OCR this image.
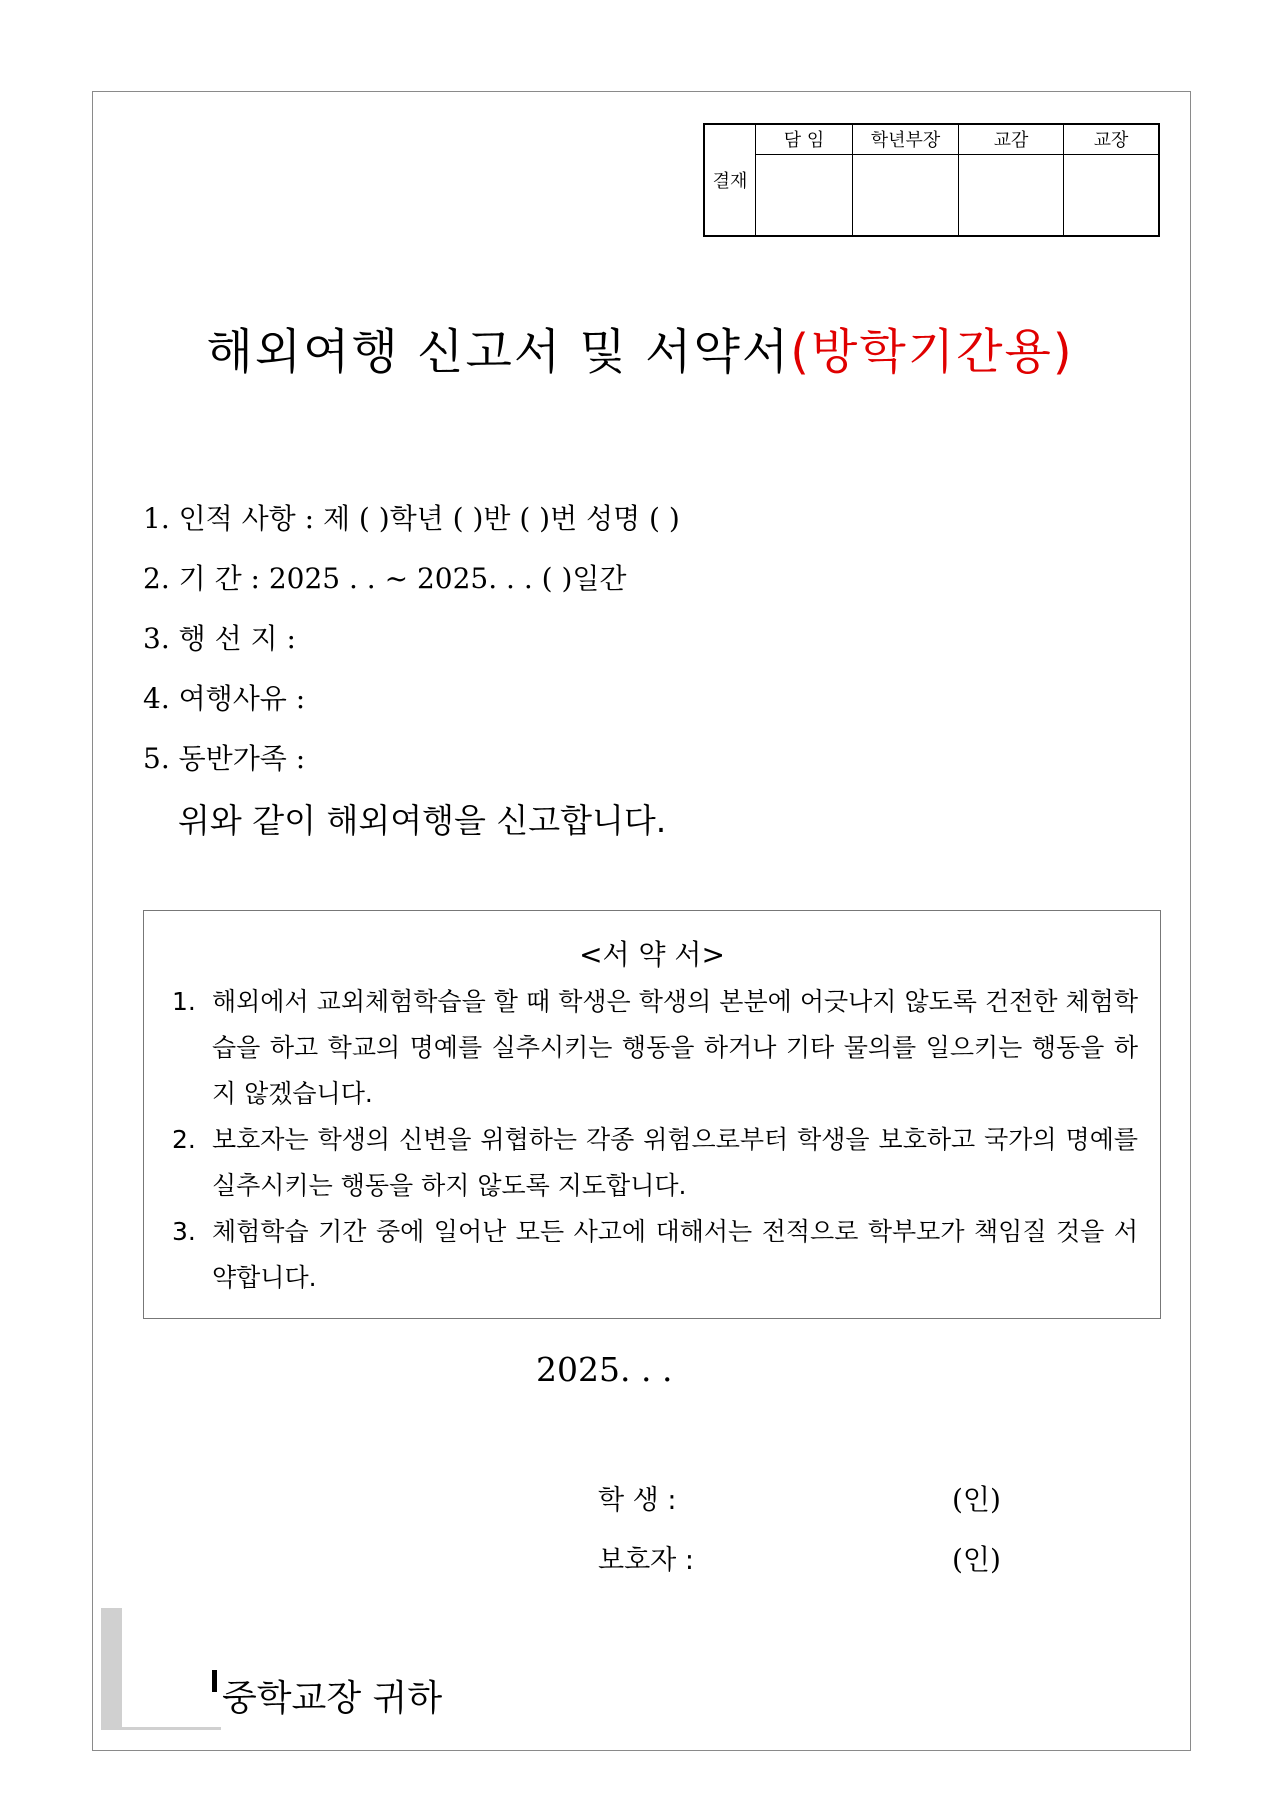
결재	담 임	학년부장	교감	교장

해외여행 신고서 및 서약서(방학기간용)
1. 인적 사항 : 제 ( )학년 ( )반 ( )번 성명 ( )
2. 기 간 : 2025 . . ~ 2025. . . ( )일간
3. 행 선 지 :
4. 여행사유 :
5. 동반가족 :
위와 같이 해외여행을 신고합니다.
<서 약 서>
1. 해외에서 교외체험학습을 할 때 학생은 학생의 본분에 어긋나지 않도록 건전한 체험학습을 하고 학교의 명예를 실추시키는 행동을 하거나 기타 물의를 일으키는 행동을 하지 않겠습니다.
2. 보호자는 학생의 신변을 위협하는 각종 위험으로부터 학생을 보호하고 국가의 명예를 실추시키는 행동을 하지 않도록 지도합니다.
3. 체험학습 기간 중에 일어난 모든 사고에 대해서는 전적으로 학부모가 책임질 것을 서약합니다.
2025. . .
학 생 :	(인)
보호자 :	(인)
중학교장 귀하
